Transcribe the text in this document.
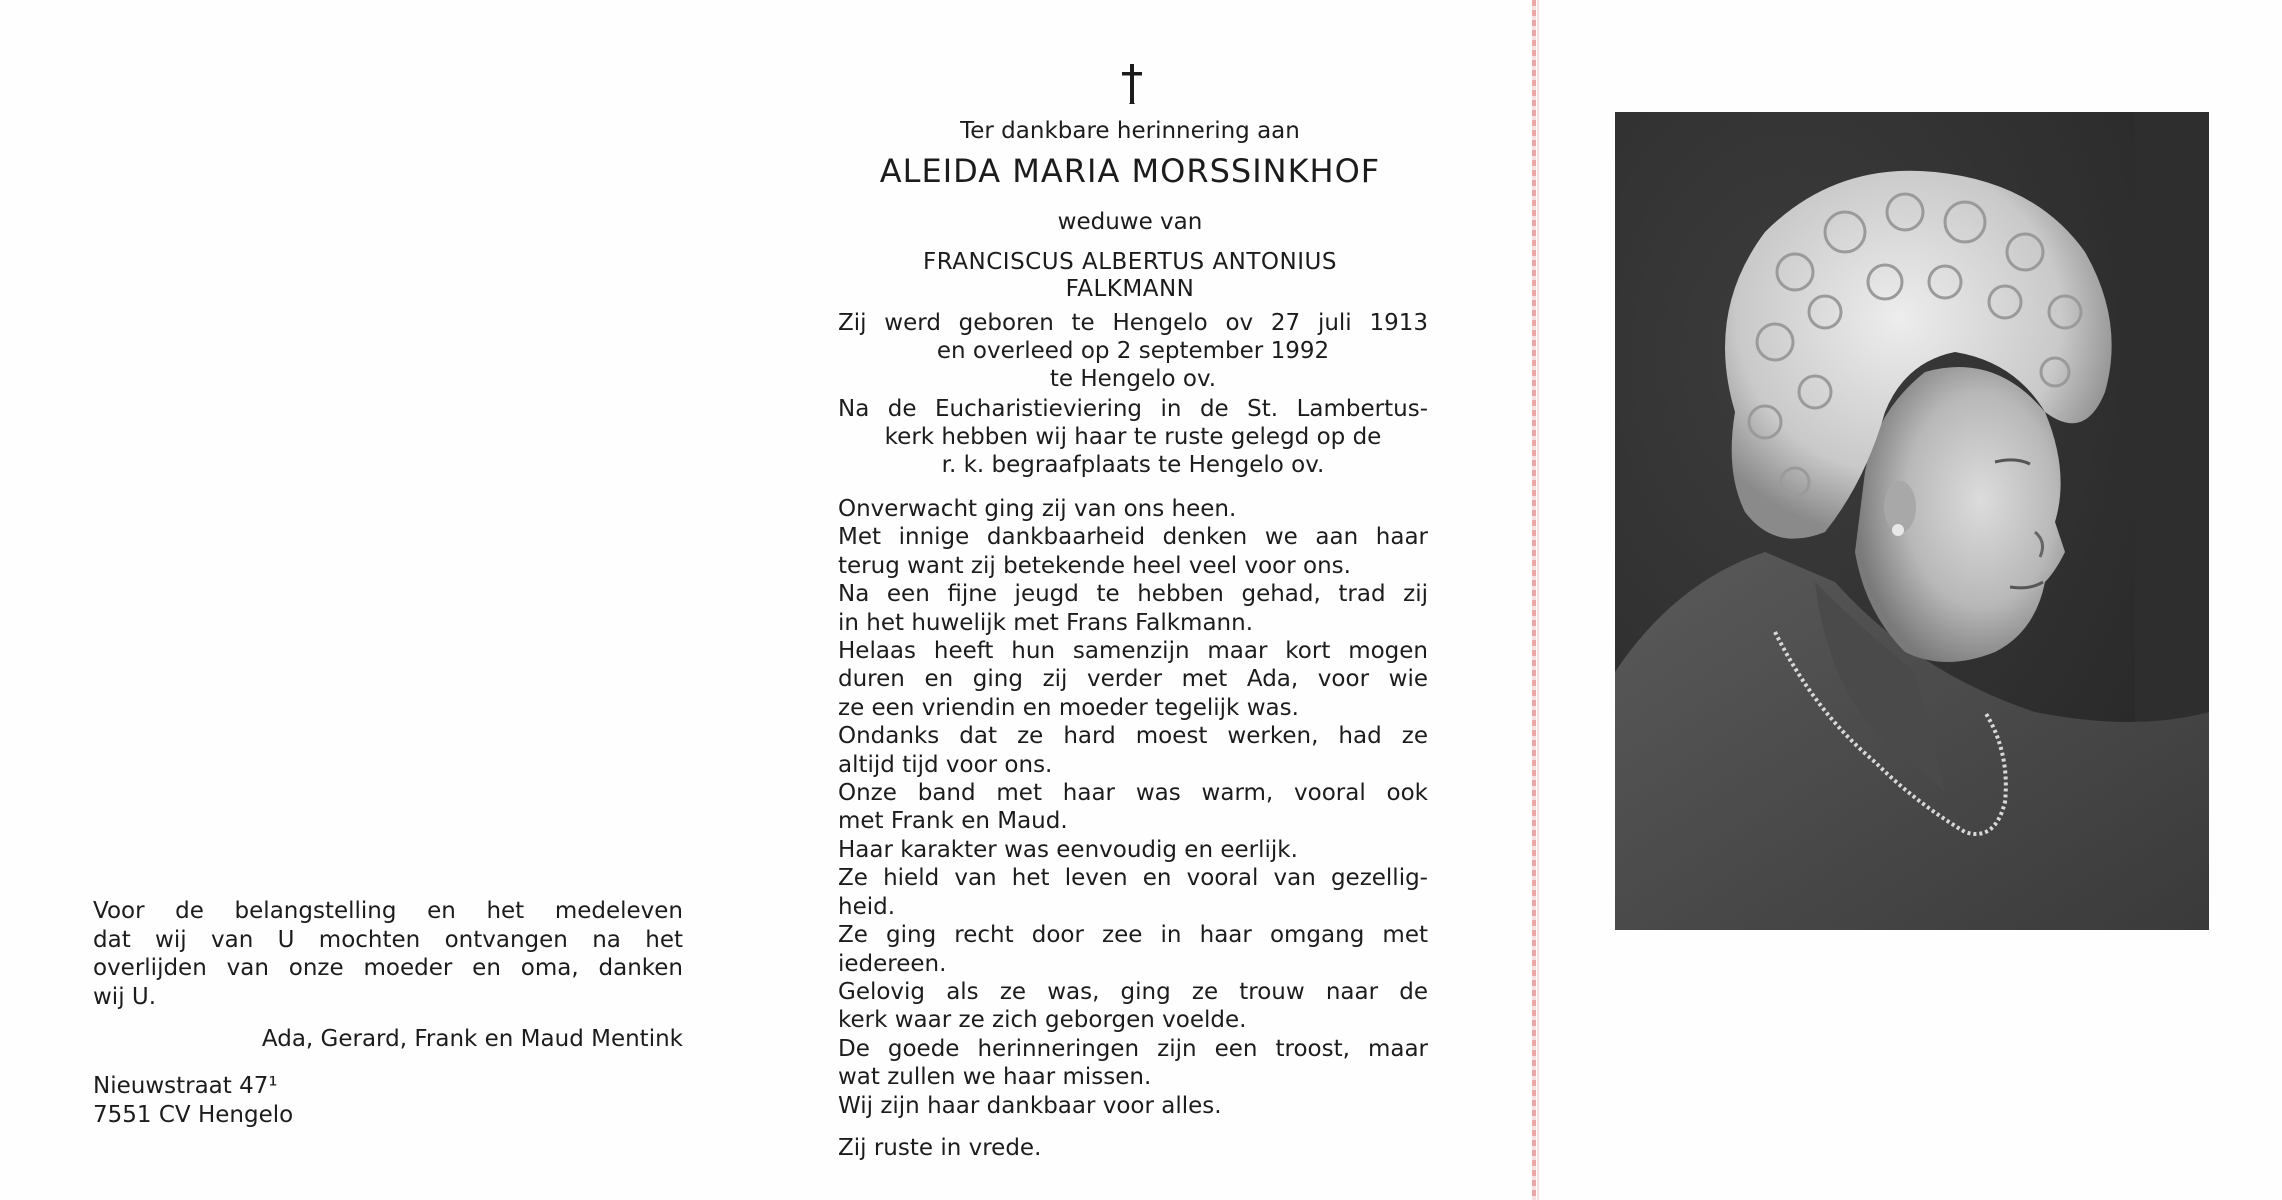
Voor de belangstelling en het medeleven
dat wij van U mochten ontvangen na het
overlijden van onze moeder en oma, danken
wij U.
Ada, Gerard, Frank en Maud Mentink
Nieuwstraat 47¹
7551 CV Hengelo
Ter dankbare herinnering aan
ALEIDA MARIA MORSSINKHOF
weduwe van
FRANCISCUS ALBERTUS ANTONIUS
FALKMANN
Zij werd geboren te Hengelo ov 27 juli 1913
en overleed op 2 september 1992
te Hengelo ov.
Na de Eucharistieviering in de St. Lambertus-
kerk hebben wij haar te ruste gelegd op de
r. k. begraafplaats te Hengelo ov.
Onverwacht ging zij van ons heen.
Met innige dankbaarheid denken we aan haar
terug want zij betekende heel veel voor ons.
Na een fijne jeugd te hebben gehad, trad zij
in het huwelijk met Frans Falkmann.
Helaas heeft hun samenzijn maar kort mogen
duren en ging zij verder met Ada, voor wie
ze een vriendin en moeder tegelijk was.
Ondanks dat ze hard moest werken, had ze
altijd tijd voor ons.
Onze band met haar was warm, vooral ook
met Frank en Maud.
Haar karakter was eenvoudig en eerlijk.
Ze hield van het leven en vooral van gezellig-
heid.
Ze ging recht door zee in haar omgang met
iedereen.
Gelovig als ze was, ging ze trouw naar de
kerk waar ze zich geborgen voelde.
De goede herinneringen zijn een troost, maar
wat zullen we haar missen.
Wij zijn haar dankbaar voor alles.
Zij ruste in vrede.
